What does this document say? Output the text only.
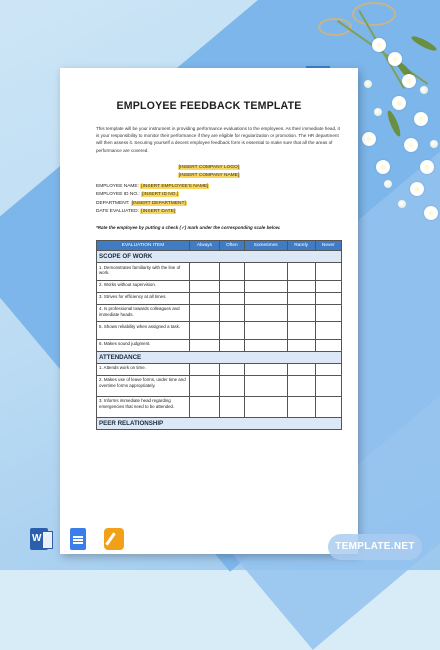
EMPLOYEE FEEDBACK TEMPLATE
This template will be your instrument in providing performance evaluations to the employees. As their immediate head, it is your responsibility to monitor their performance if they are eligible for regularization or promotion. The HR department will then assess it. Securing yourself a decent employee feedback form is essential to make sure that all the areas of performance are covered.
[INSERT COMPANY LOGO]
[INSERT COMPANY NAME]
EMPLOYEE NAME: [INSERT EMPLOYEE'S NAME]
EMPLOYEE ID NO.: [INSERT ID NO.]
DEPARTMENT: [INSERT DEPARTMENT]
DATE EVALUATED: [INSERT DATE]
*Rate the employee by putting a check (✓) mark under the corresponding scale below.
EVALUATION ITEM	Always	Often	Sometimes	Rarely	Never
SCOPE OF WORK					
1. Demonstrates familiarity with the line of work.					
2. Works without supervision.					
3. Strives for efficiency at all times.					
4. Is professional towards colleagues and immediate heads.					
5. Shows reliability when assigned a task.					
6. Makes sound judgment.					
ATTENDANCE					
1. Attends work on time.					
2. Makes use of leave forms, under time and overtime forms appropriately.					
3. Informs immediate head regarding emergencies that need to be attended.					
PEER RELATIONSHIP					
W
TEMPLATE.NET
